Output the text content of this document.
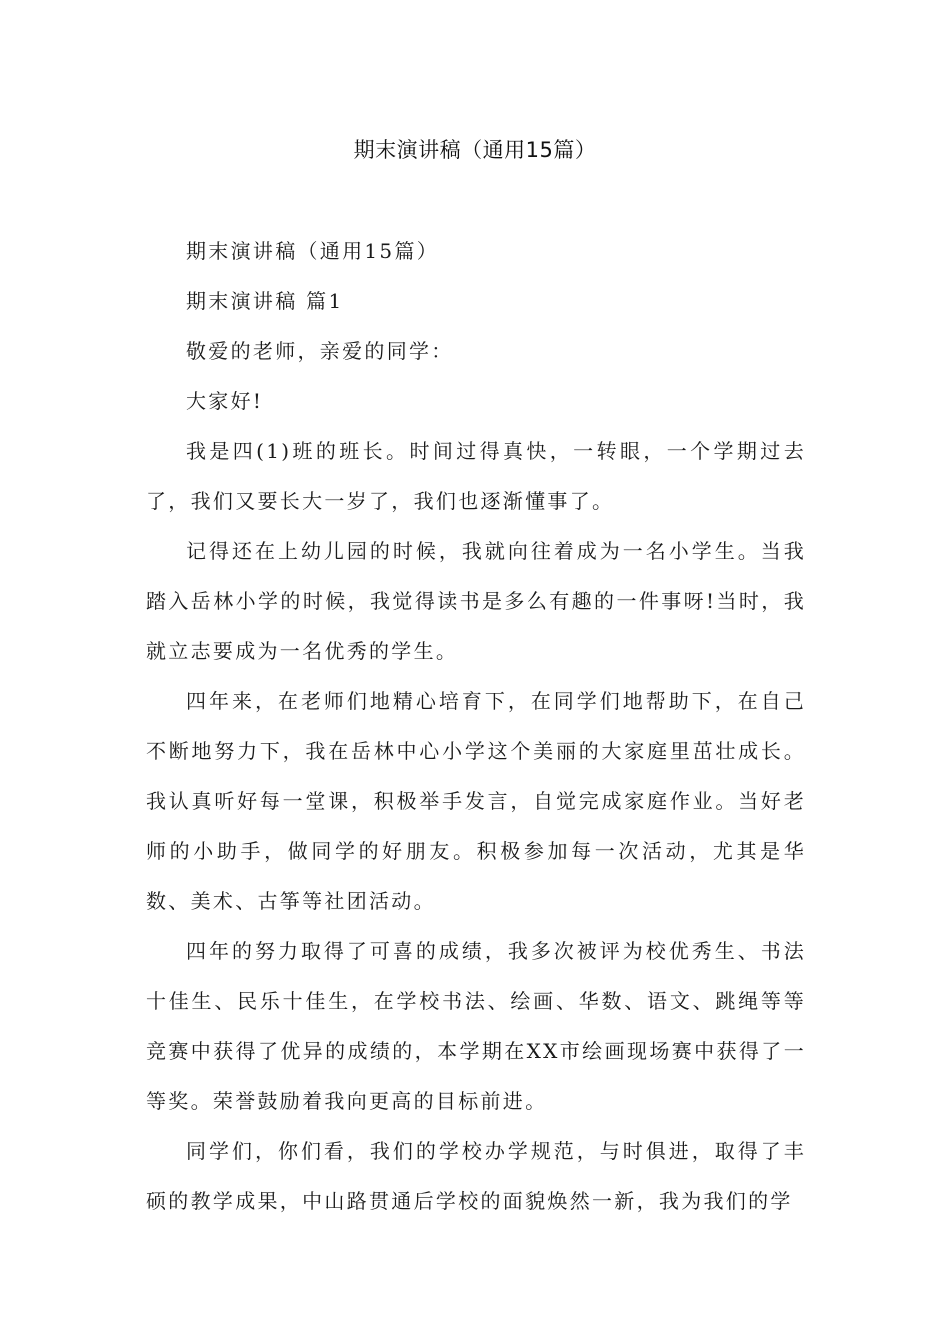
期末演讲稿（通用15篇）

期末演讲稿（通用15篇）

期末演讲稿 篇1

敬爱的老师，亲爱的同学：

大家好!

我是四(1)班的班长。时间过得真快，一转眼，一个学期过去了，我们又要长大一岁了，我们也逐渐懂事了。

记得还在上幼儿园的时候，我就向往着成为一名小学生。当我踏入岳林小学的时候，我觉得读书是多么有趣的一件事呀!当时，我就立志要成为一名优秀的学生。

四年来，在老师们地精心培育下，在同学们地帮助下，在自己不断地努力下，我在岳林中心小学这个美丽的大家庭里茁壮成长。我认真听好每一堂课，积极举手发言，自觉完成家庭作业。当好老师的小助手，做同学的好朋友。积极参加每一次活动，尤其是华数、美术、古筝等社团活动。

四年的努力取得了可喜的成绩，我多次被评为校优秀生、书法十佳生、民乐十佳生，在学校书法、绘画、华数、语文、跳绳等等竞赛中获得了优异的成绩的，本学期在XX市绘画现场赛中获得了一等奖。荣誉鼓励着我向更高的目标前进。

同学们，你们看，我们的学校办学规范，与时俱进，取得了丰硕的教学成果，中山路贯通后学校的面貌焕然一新，我为我们的学
